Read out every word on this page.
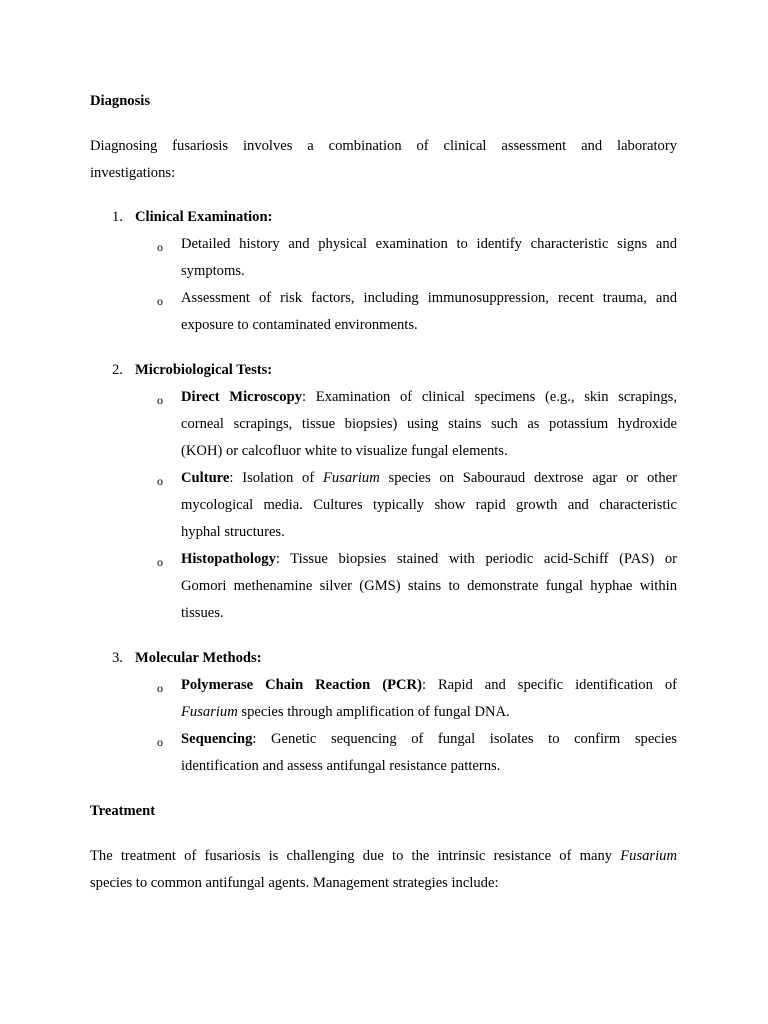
Diagnosis
Diagnosing fusariosis involves a combination of clinical assessment and laboratory
investigations:
1. Clinical Examination:
o Detailed history and physical examination to identify characteristic signs and
symptoms.
o Assessment of risk factors, including immunosuppression, recent trauma, and
exposure to contaminated environments.
2. Microbiological Tests:
o Direct Microscopy: Examination of clinical specimens (e.g., skin scrapings,
corneal scrapings, tissue biopsies) using stains such as potassium hydroxide
(KOH) or calcofluor white to visualize fungal elements.
o Culture: Isolation of Fusarium species on Sabouraud dextrose agar or other
mycological media. Cultures typically show rapid growth and characteristic
hyphal structures.
o Histopathology: Tissue biopsies stained with periodic acid-Schiff (PAS) or
Gomori methenamine silver (GMS) stains to demonstrate fungal hyphae within
tissues.
3. Molecular Methods:
o Polymerase Chain Reaction (PCR): Rapid and specific identification of
Fusarium species through amplification of fungal DNA.
o Sequencing: Genetic sequencing of fungal isolates to confirm species
identification and assess antifungal resistance patterns.
Treatment
The treatment of fusariosis is challenging due to the intrinsic resistance of many Fusarium
species to common antifungal agents. Management strategies include:
